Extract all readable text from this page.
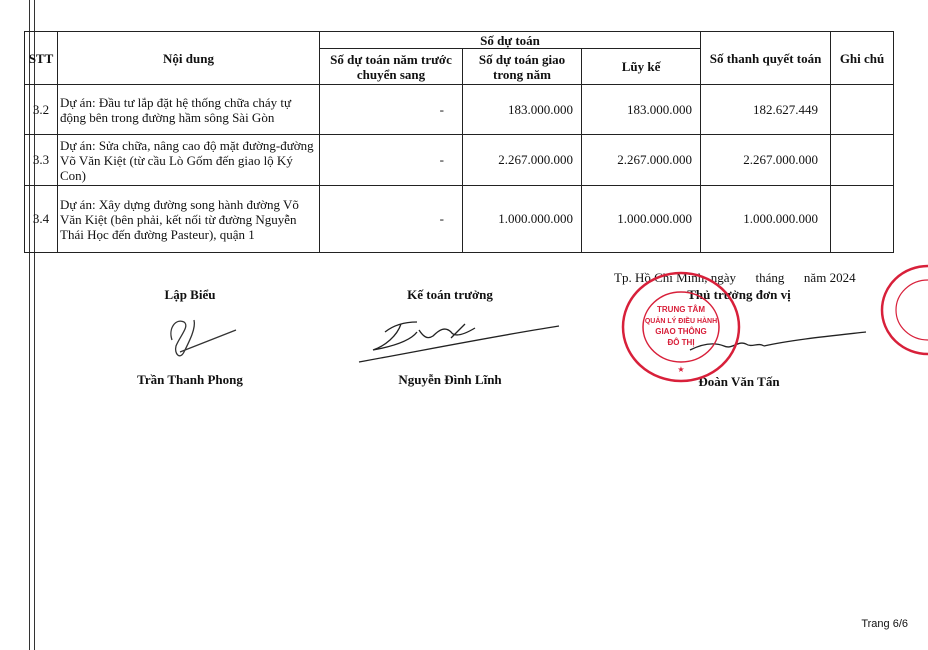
STT	Nội dung	Số dự toán			Số thanh quyết toán	Ghi chú
		Số dự toán năm trước chuyển sang	Số dự toán giao trong năm	Lũy kế		
3.2	Dự án: Đầu tư lắp đặt hệ thống chữa cháy tự động bên trong đường hầm sông Sài Gòn	-	183.000.000	183.000.000	182.627.449	
3.3	Dự án: Sửa chữa, nâng cao độ mặt đường-đường Võ Văn Kiệt (từ cầu Lò Gốm đến giao lộ Ký Con)	-	2.267.000.000	2.267.000.000	2.267.000.000	
3.4	Dự án: Xây dựng đường song hành đường Võ Văn Kiệt (bên phải, kết nối từ đường Nguyễn Thái Học đến đường Pasteur), quận 1	-	1.000.000.000	1.000.000.000	1.000.000.000	
Tp. Hồ Chí Minh, ngày      tháng      năm 2024
Lập Biểu
Trần Thanh Phong
Kế toán trưởng
Nguyễn Đình Lĩnh
Thủ trưởng đơn vị
Đoàn Văn Tấn
TRUNG TÂM
QUẢN LÝ ĐIỀU HÀNH
GIAO THÔNG
ĐÔ THỊ
★
Trang 6/6
